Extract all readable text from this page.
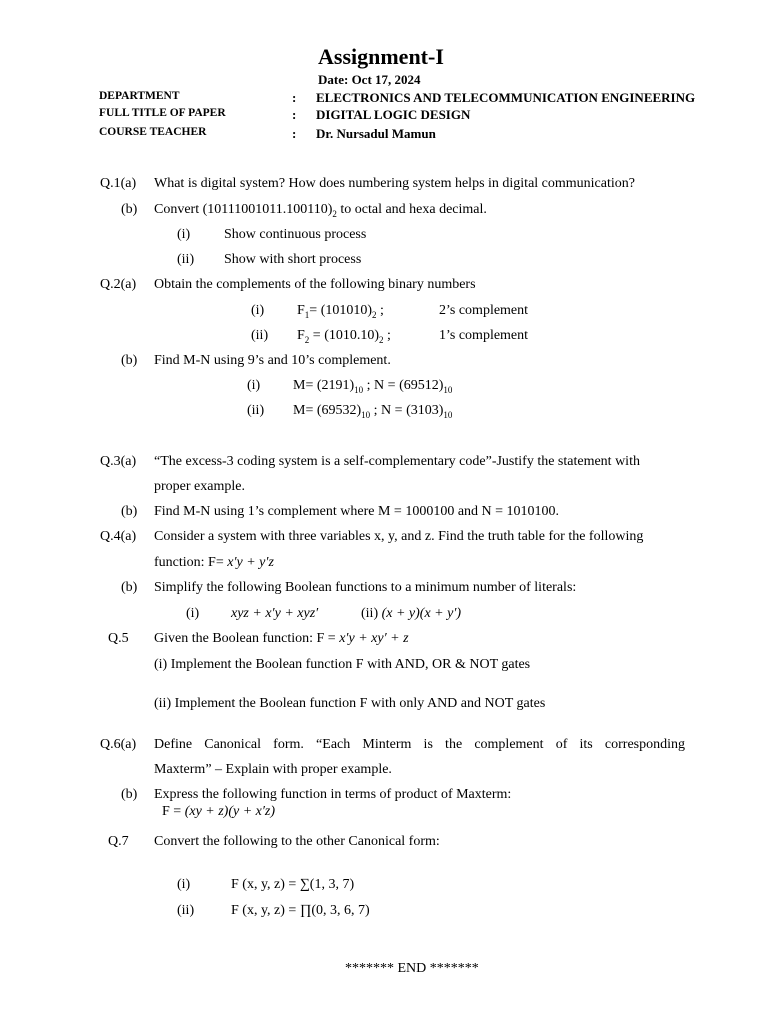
Assignment-I
Date: Oct 17, 2024
DEPARTMENT	: ELECTRONICS AND TELECOMMUNICATION ENGINEERING
FULL TITLE OF PAPER	: DIGITAL LOGIC DESIGN
COURSE TEACHER	: Dr. Nursadul Mamun
Q.1(a) What is digital system? How does numbering system helps in digital communication?
(b) Convert $(10111001011.100110)_2$ to octal and hexa decimal.
(i) Show continuous process
(ii) Show with short process
Q.2(a) Obtain the complements of the following binary numbers
(i) $F_1= (101010)_2$ ;	2’s complement
(ii) $F_2 = (1010.10)_2$ ;	1’s complement
(b) Find M-N using 9’s and 10’s complement.
(i) $M= (2191)_{10}$ ; $N = (69512)_{10}$
(ii) $M= (69532)_{10}$ ; $N = (3103)_{10}$
Q.3(a) “The excess-3 coding system is a self-complementary code”-Justify the statement with
proper example.
(b) Find M-N using 1’s complement where M = 1000100 and N = 1010100.
Q.4(a) Consider a system with three variables x, y, and z. Find the truth table for the following
function: F= x′y + y′z
(b) Simplify the following Boolean functions to a minimum number of literals:
(i) xyz + x′y + xyz′	(ii) (x + y)(x + y′)
Q.5 Given the Boolean function: F = x′y + xy′ + z
(i) Implement the Boolean function F with AND, OR & NOT gates
(ii) Implement the Boolean function F with only AND and NOT gates
Q.6(a) Define Canonical form. “Each Minterm is the complement of its corresponding
Maxterm” – Explain with proper example.
(b) Express the following function in terms of product of Maxterm:
F = (xy + z)(y + x′z)
Q.7 Convert the following to the other Canonical form:
(i)	F (x, y, z) = ∑(1, 3, 7)
(ii)	F (x, y, z) = ∏(0, 3, 6, 7)
******* END *******
